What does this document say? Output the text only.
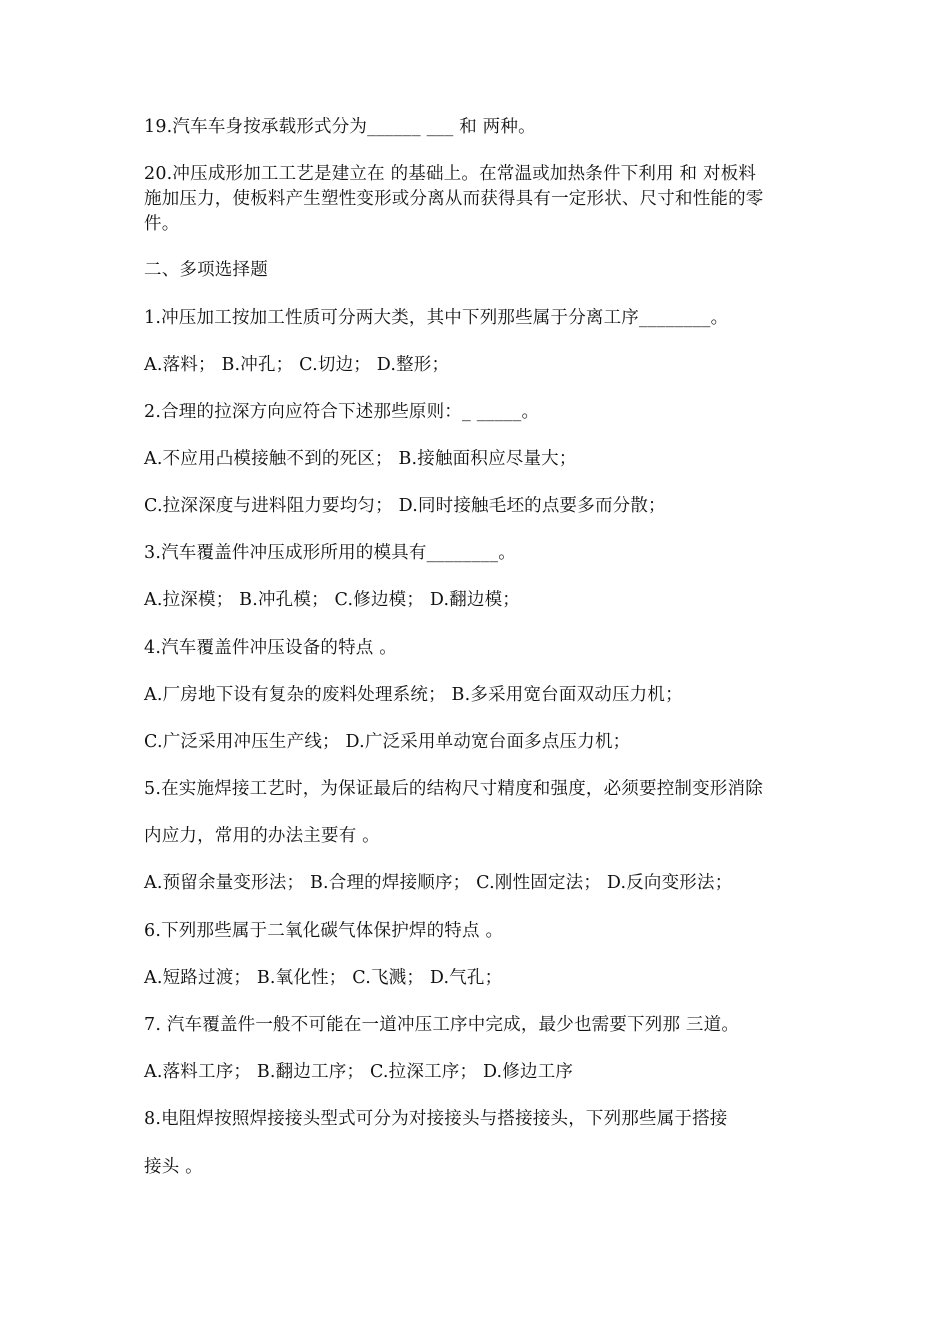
19.汽车车身按承载形式分为______ ___ 和 两种。
20.冲压成形加工工艺是建立在 的基础上。在常温或加热条件下利用 和 对板料
施加压力，使板料产生塑性变形或分离从而获得具有一定形状、尺寸和性能的零
件。
二、多项选择题
1.冲压加工按加工性质可分两大类，其中下列那些属于分离工序________。
A.落料； B.冲孔； C.切边； D.整形；
2.合理的拉深方向应符合下述那些原则：_ _____。
A.不应用凸模接触不到的死区； B.接触面积应尽量大；
C.拉深深度与进料阻力要均匀； D.同时接触毛坯的点要多而分散；
3.汽车覆盖件冲压成形所用的模具有________。
A.拉深模； B.冲孔模； C.修边模； D.翻边模；
4.汽车覆盖件冲压设备的特点 。
A.厂房地下设有复杂的废料处理系统； B.多采用宽台面双动压力机；
C.广泛采用冲压生产线； D.广泛采用单动宽台面多点压力机；
5.在实施焊接工艺时，为保证最后的结构尺寸精度和强度，必须要控制变形消除
内应力，常用的办法主要有 。
A.预留余量变形法； B.合理的焊接顺序； C.刚性固定法； D.反向变形法；
6.下列那些属于二氧化碳气体保护焊的特点 。
A.短路过渡； B.氧化性； C.飞溅； D.气孔；
7. 汽车覆盖件一般不可能在一道冲压工序中完成，最少也需要下列那 三道。
A.落料工序； B.翻边工序； C.拉深工序； D.修边工序
8.电阻焊按照焊接接头型式可分为对接接头与搭接接头，下列那些属于搭接
接头 。
